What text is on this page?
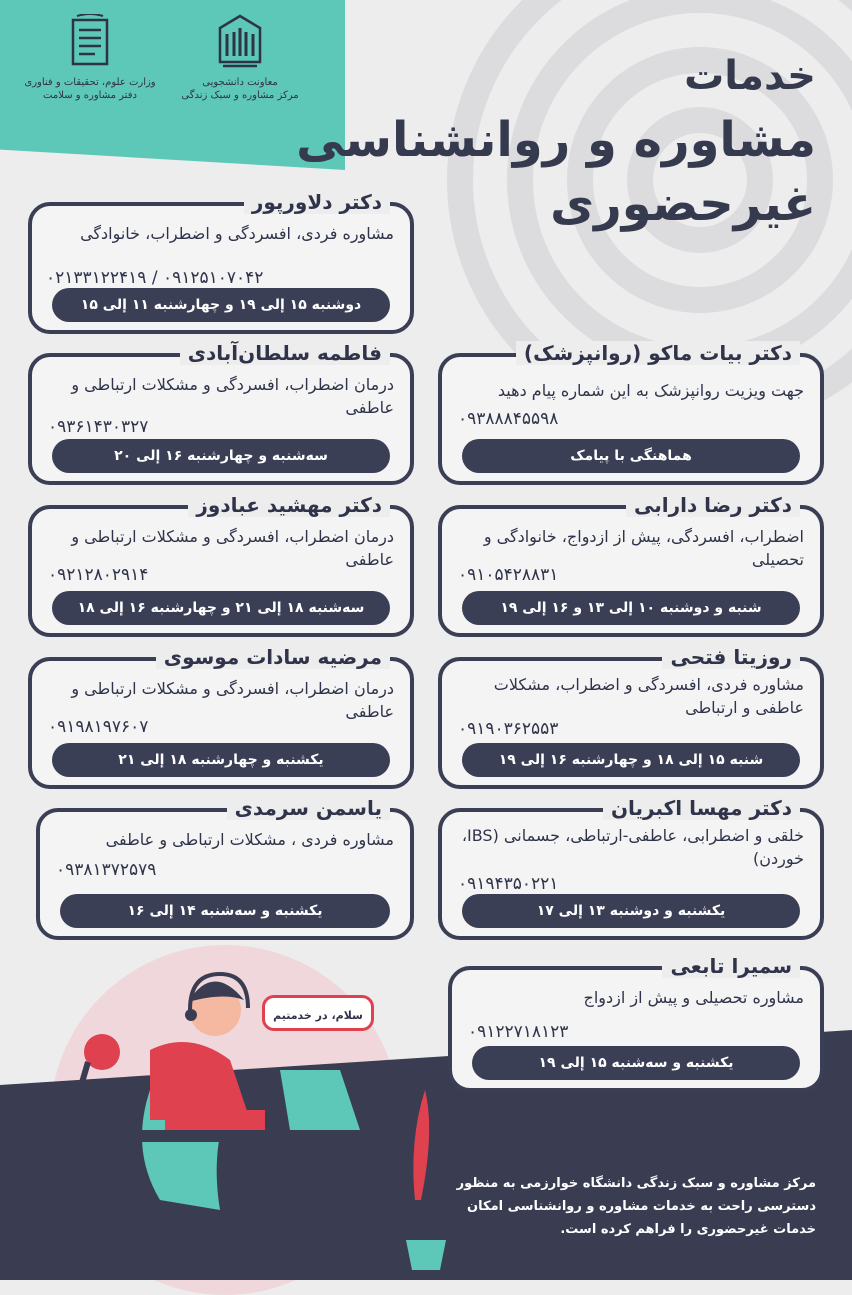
وزارت علوم، تحقیقات و فناوری
دفتر مشاوره و سلامت
معاونت دانشجویی
مرکز مشاوره و سبک زندگی	خدمات
مشاوره و روانشناسی
غیرحضوری
دکتر دلاورپور
مشاوره فردی، افسردگی و اضطراب، خانوادگی
۰۲۱۳۳۱۲۲۴۱۹ / ۰۹۱۲۵۱۰۷۰۴۲
دوشنبه ۱۵ إلی ۱۹ و چهارشنبه ۱۱ إلی ۱۵
فاطمه سلطان‌آبادی
درمان اضطراب، افسردگی و مشکلات ارتباطی و عاطفی
۰۹۳۶۱۴۳۰۳۲۷
سه‌شنبه و چهارشنبه ۱۶ إلی ۲۰
دکتر بیات ماکو (روانپزشک)
جهت ویزیت روانپزشک به این شماره پیام دهید
۰۹۳۸۸۸۴۵۵۹۸
هماهنگی با پیامک
دکتر مهشید عبادوز
درمان اضطراب، افسردگی و مشکلات ارتباطی و عاطفی
۰۹۲۱۲۸۰۲۹۱۴
سه‌شنبه ۱۸ إلی ۲۱ و چهارشنبه ۱۶ إلی ۱۸
دکتر رضا دارابی
اضطراب، افسردگی، پیش از ازدواج، خانوادگی و تحصیلی
۰۹۱۰۵۴۲۸۸۳۱
شنبه و دوشنبه ۱۰ إلی ۱۳ و ۱۶ إلی ۱۹
مرضیه سادات موسوی
درمان اضطراب، افسردگی و مشکلات ارتباطی و عاطفی
۰۹۱۹۸۱۹۷۶۰۷
یکشنبه و چهارشنبه ۱۸ إلی ۲۱
روزیتا فتحی
مشاوره فردی، افسردگی و اضطراب، مشکلات عاطفی و ارتباطی
۰۹۱۹۰۳۶۲۵۵۳
شنبه ۱۵ إلی ۱۸ و چهارشنبه ۱۶ إلی ۱۹
یاسمن سرمدی
مشاوره فردی ، مشکلات ارتباطی و عاطفی
۰۹۳۸۱۳۷۲۵۷۹
یکشنبه و سه‌شنبه ۱۴ إلی ۱۶
دکتر مهسا اکبریان
خلقی و اضطرابی، عاطفی-ارتباطی، جسمانی (IBS، خوردن)
۰۹۱۹۴۳۵۰۲۲۱
یکشنبه و دوشنبه ۱۳ إلی ۱۷
سمیرا تابعی
مشاوره تحصیلی و پیش از ازدواج
۰۹۱۲۲۷۱۸۱۲۳
یکشنبه و سه‌شنبه ۱۵ إلی ۱۹
سلام، در خدمتیم
مرکز مشاوره و سبک زندگی دانشگاه خوارزمی به منظور دسترسی راحت به خدمات مشاوره و روانشناسی امکان خدمات غیرحضوری را فراهم کرده است.
